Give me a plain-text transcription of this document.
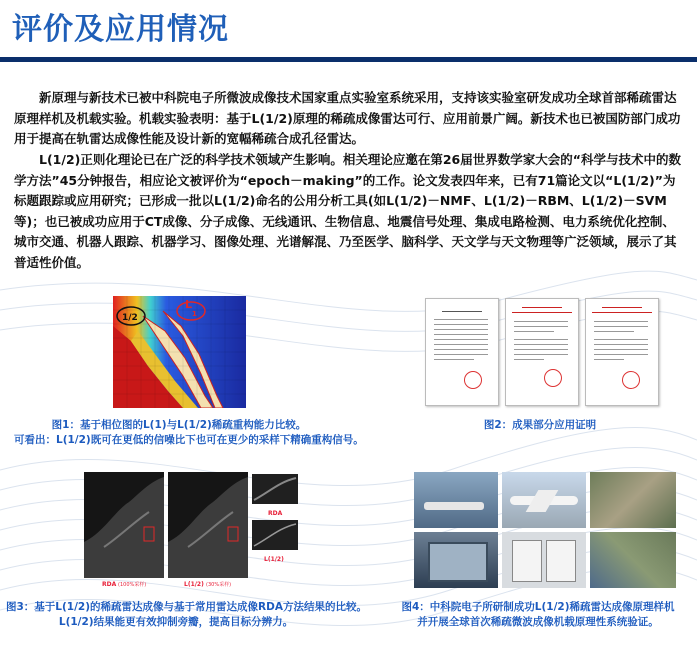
评价及应用情况

新原理与新技术已被中科院电子所微波成像技术国家重点实验室系统采用，支持该实验室研发成功全球首部稀疏雷达原理样机及机载实验。机载实验表明：基于L(1/2)原理的稀疏成像雷达可行、应用前景广阔。新技术也已被国防部门成功用于提高在轨雷达成像性能及设计新的宽幅稀疏合成孔径雷达。

L(1/2)正则化理论已在广泛的科学技术领域产生影响。相关理论应邀在第26届世界数学家大会的“科学与技术中的数学方法”45分钟报告，相应论文被评价为“epoch－making”的工作。论文发表四年来，已有71篇论文以“L(1/2)”为标题跟踪或应用研究；已形成一批以L(1/2)命名的公用分析工具(如L(1/2)－NMF、L(1/2)－RBM、L(1/2)－SVM等)；也已被成功应用于CT成像、分子成像、无线通讯、生物信息、地震信号处理、集成电路检测、电力系统优化控制、城市交通、机器人跟踪、机器学习、图像处理、光谱解混、乃至医学、脑科学、天文学与天文物理等广泛领域，展示了其普适性价值。

1/2
L
1
图1：基于相位图的L(1)与L(1/2)稀疏重构能力比较。
可看出：L(1/2)既可在更低的信噪比下也可在更少的采样下精确重构信号。
图2：成果部分应用证明
RDA
L(1/2)
RDA (100%采样)	L(1/2) (30%采样)
图3：基于L(1/2)的稀疏雷达成像与基于常用雷达成像RDA方法结果的比较。
L(1/2)结果能更有效抑制旁瓣，提高目标分辨力。
图4：中科院电子所研制成功L(1/2)稀疏雷达成像原理样机
并开展全球首次稀疏微波成像机载原理性系统验证。
